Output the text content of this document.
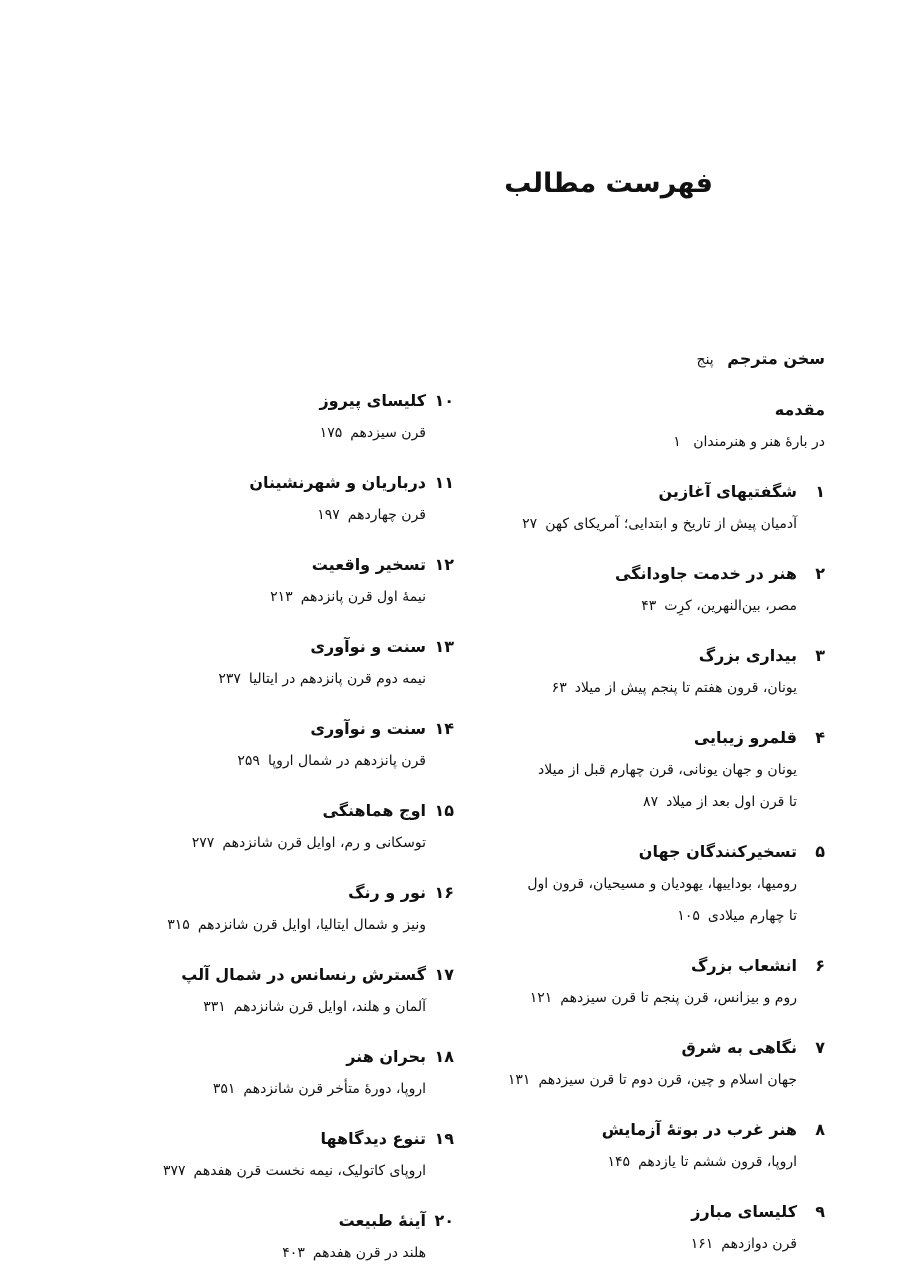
فهرست مطالب
سخن مترجم پنج
مقدمه
در بارهٔ هنر و هنرمندان ۱
۱شگفتیهای آغازین
آدمیان پیش از تاریخ و ابتدایی؛ آمریکای کهن۲۷
۲هنر در خدمت جاودانگی
مصر، بین‌النهرین، کرِت۴۳
۳بیداری بزرگ
یونان، قرون هفتم تا پنجم پیش از میلاد۶۳
۴قلمرو زیبایی
یونان و جهان یونانی، قرن چهارم قبل از میلاد
تا قرن اول بعد از میلاد۸۷
۵تسخیرکنندگان جهان
رومیها، بوداییها، یهودیان و مسیحیان، قرون اول
تا چهارم میلادی۱۰۵
۶انشعاب بزرگ
روم و بیزانس، قرن پنجم تا قرن سیزدهم۱۲۱
۷نگاهی به شرق
جهان اسلام و چین، قرن دوم تا قرن سیزدهم۱۳۱
۸هنر غرب در بوتهٔ آزمایش
اروپا، قرون ششم تا یازدهم۱۴۵
۹کلیسای مبارز
قرن دوازدهم۱۶۱
۱۰کلیسای پیروز
قرن سیزدهم۱۷۵
۱۱درباریان و شهرنشینان
قرن چهاردهم۱۹۷
۱۲تسخیر واقعیت
نیمهٔ اول قرن پانزدهم۲۱۳
۱۳سنت و نوآوری
نیمه دوم قرن پانزدهم در ایتالیا۲۳۷
۱۴سنت و نوآوری
قرن پانزدهم در شمال اروپا۲۵۹
۱۵اوج هماهنگی
توسکانی و رم، اوایل قرن شانزدهم۲۷۷
۱۶نور و رنگ
ونیز و شمال ایتالیا، اوایل قرن شانزدهم۳۱۵
۱۷گسترش رنسانس در شمال آلپ
آلمان و هلند، اوایل قرن شانزدهم۳۳۱
۱۸بحران هنر
اروپا، دورهٔ متأخر قرن شانزدهم۳۵۱
۱۹تنوع دیدگاهها
اروپای کاتولیک، نیمه نخست قرن هفدهم۳۷۷
۲۰آینهٔ طبیعت
هلند در قرن هفدهم۴۰۳
